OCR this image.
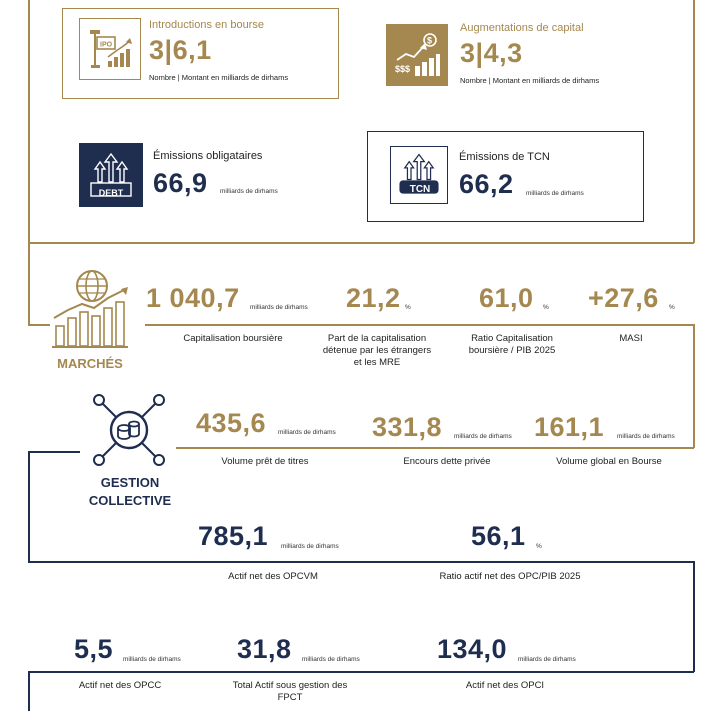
IPO
Introductions en bourse
3|6,1
Nombre | Montant en milliards de dirhams
$
$$$
Augmentations de capital
3|4,3
Nombre | Montant en milliards de dirhams
DEBT
Émissions obligataires
66,9 milliards de dirhams	TCN
Émissions de TCN
66,2 milliards de dirhams
MARCHÉS
1 040,7 milliards de dirhams
Capitalisation boursière
21,2 %
Part de la capitalisation détenue par les étrangers et les MRE
61,0 %
Ratio Capitalisation boursière / PIB 2025
+27,6 %
MASI
GESTION
COLLECTIVE
435,6 milliards de dirhams
Volume prêt de titres
331,8 milliards de dirhams
Encours dette privée
161,1 milliards de dirhams
Volume global en Bourse
785,1 milliards de dirhams
Actif net des OPCVM
56,1 %
Ratio actif net des OPC/PIB 2025
5,5 milliards de dirhams
Actif net des OPCC
31,8 milliards de dirhams
Total Actif sous gestion des FPCT
134,0 milliards de dirhams
Actif net des OPCI
